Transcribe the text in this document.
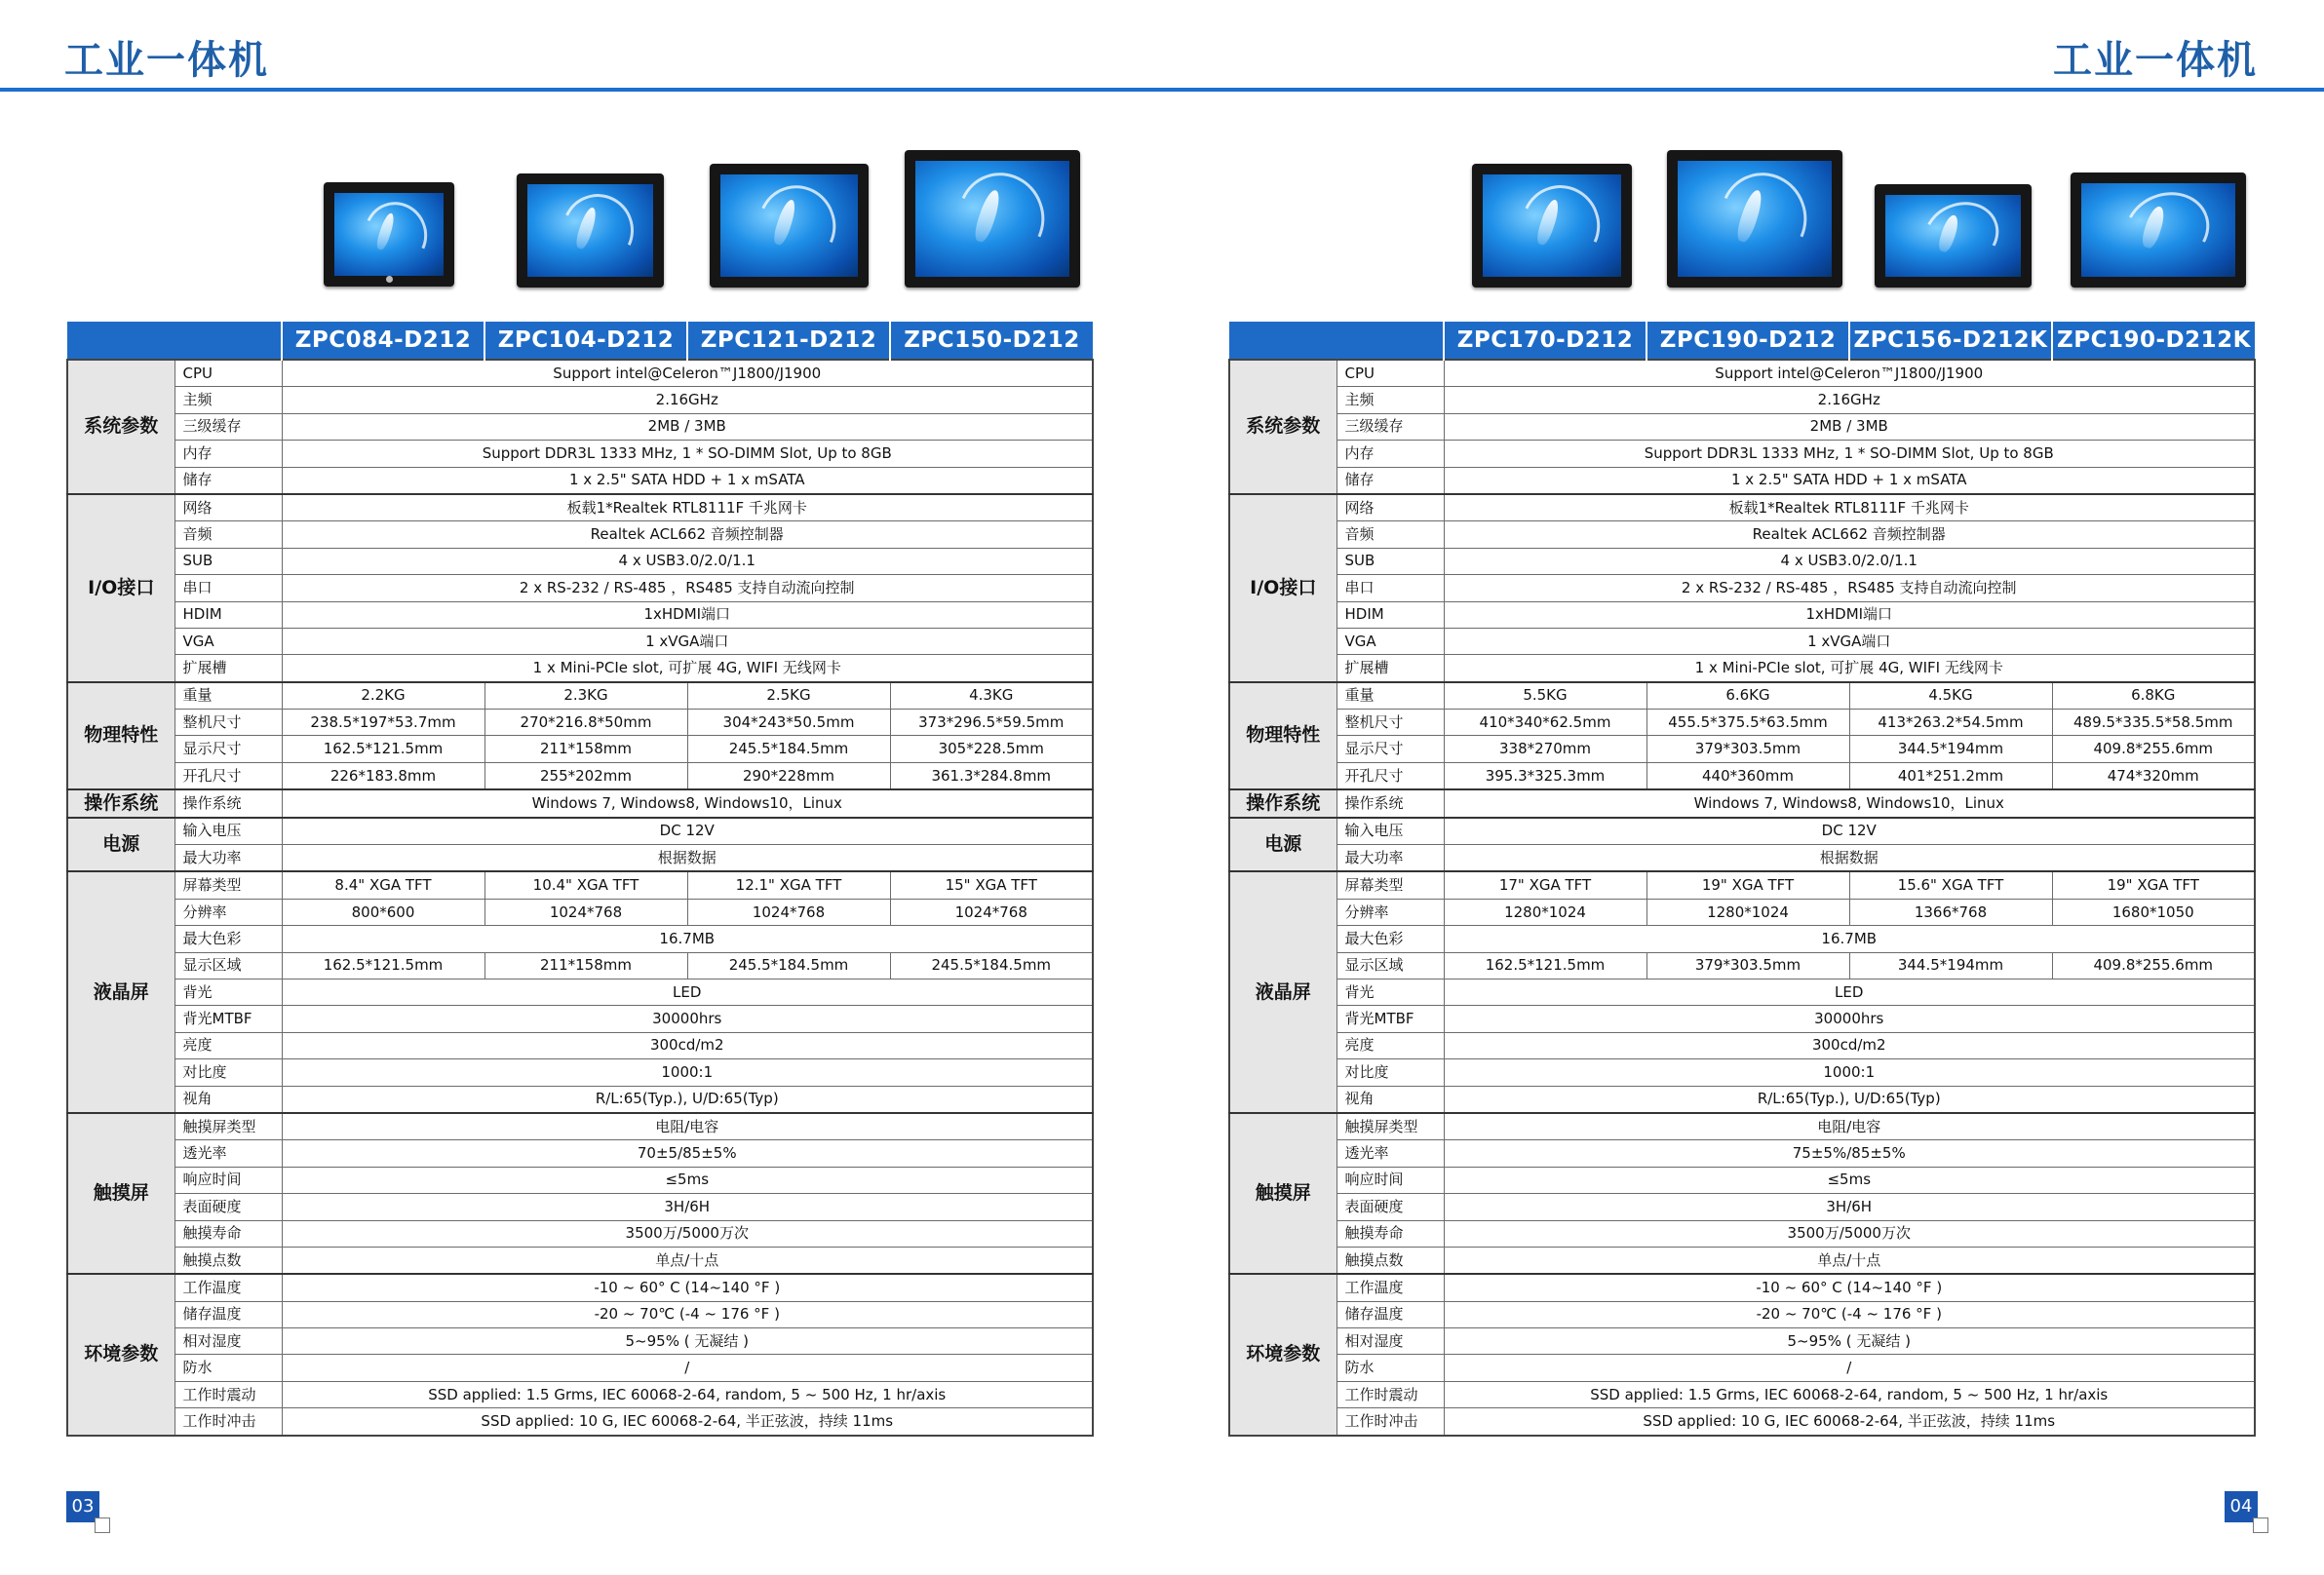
工业一体机	工业一体机
		ZPC084-D212	ZPC104-D212	ZPC121-D212	ZPC150-D212
系统参数	CPU	Support intel@Celeron™J1800/J1900			
	主频	2.16GHz			
	三级缓存	2MB / 3MB			
	内存	Support DDR3L 1333 MHz, 1 * SO-DIMM Slot, Up to 8GB			
	储存	1 x 2.5" SATA HDD + 1 x mSATA			
I/O接口	网络	板载1*Realtek RTL8111F 千兆网卡			
	音频	Realtek ACL662 音频控制器			
	SUB	4 x USB3.0/2.0/1.1			
	串口	2 x RS-232 / RS-485 ，RS485 支持自动流向控制			
	HDIM	1xHDMI端口			
	VGA	1 xVGA端口			
	扩展槽	1 x Mini-PCIe slot, 可扩展 4G, WIFI 无线网卡			
物理特性	重量	2.2KG	2.3KG	2.5KG	4.3KG
	整机尺寸	238.5*197*53.7mm	270*216.8*50mm	304*243*50.5mm	373*296.5*59.5mm
	显示尺寸	162.5*121.5mm	211*158mm	245.5*184.5mm	305*228.5mm
	开孔尺寸	226*183.8mm	255*202mm	290*228mm	361.3*284.8mm
操作系统	操作系统	Windows 7, Windows8, Windows10，Linux			
电源	输入电压	DC 12V			
	最大功率	根据数据			
液晶屏	屏幕类型	8.4" XGA TFT	10.4" XGA TFT	12.1" XGA TFT	15" XGA TFT
	分辨率	800*600	1024*768	1024*768	1024*768
	最大色彩	16.7MB			
	显示区域	162.5*121.5mm	211*158mm	245.5*184.5mm	245.5*184.5mm
	背光	LED			
	背光MTBF	30000hrs			
	亮度	300cd/m2			
	对比度	1000:1			
	视角	R/L:65(Typ.), U/D:65(Typ)			
触摸屏	触摸屏类型	电阻/电容			
	透光率	70±5/85±5%			
	响应时间	≤5ms			
	表面硬度	3H/6H			
	触摸寿命	3500万/5000万次			
	触摸点数	单点/十点			
环境参数	工作温度	-10 ~ 60° C (14~140 °F )			
	储存温度	-20 ~ 70℃ (-4 ~ 176 °F )			
	相对湿度	5~95% ( 无凝结 )			
	防水	/			
	工作时震动	SSD applied: 1.5 Grms, IEC 60068-2-64, random, 5 ~ 500 Hz, 1 hr/axis			
	工作时冲击	SSD applied: 10 G, IEC 60068-2-64, 半正弦波，持续 11ms			
03
		ZPC170-D212	ZPC190-D212	ZPC156-D212K	ZPC190-D212K
系统参数	CPU	Support intel@Celeron™J1800/J1900			
	主频	2.16GHz			
	三级缓存	2MB / 3MB			
	内存	Support DDR3L 1333 MHz, 1 * SO-DIMM Slot, Up to 8GB			
	储存	1 x 2.5" SATA HDD + 1 x mSATA			
I/O接口	网络	板载1*Realtek RTL8111F 千兆网卡			
	音频	Realtek ACL662 音频控制器			
	SUB	4 x USB3.0/2.0/1.1			
	串口	2 x RS-232 / RS-485 ，RS485 支持自动流向控制			
	HDIM	1xHDMI端口			
	VGA	1 xVGA端口			
	扩展槽	1 x Mini-PCIe slot, 可扩展 4G, WIFI 无线网卡			
物理特性	重量	5.5KG	6.6KG	4.5KG	6.8KG
	整机尺寸	410*340*62.5mm	455.5*375.5*63.5mm	413*263.2*54.5mm	489.5*335.5*58.5mm
	显示尺寸	338*270mm	379*303.5mm	344.5*194mm	409.8*255.6mm
	开孔尺寸	395.3*325.3mm	440*360mm	401*251.2mm	474*320mm
操作系统	操作系统	Windows 7, Windows8, Windows10，Linux			
电源	输入电压	DC 12V			
	最大功率	根据数据			
液晶屏	屏幕类型	17" XGA TFT	19" XGA TFT	15.6" XGA TFT	19" XGA TFT
	分辨率	1280*1024	1280*1024	1366*768	1680*1050
	最大色彩	16.7MB			
	显示区域	162.5*121.5mm	379*303.5mm	344.5*194mm	409.8*255.6mm
	背光	LED			
	背光MTBF	30000hrs			
	亮度	300cd/m2			
	对比度	1000:1			
	视角	R/L:65(Typ.), U/D:65(Typ)			
触摸屏	触摸屏类型	电阻/电容			
	透光率	75±5%/85±5%			
	响应时间	≤5ms			
	表面硬度	3H/6H			
	触摸寿命	3500万/5000万次			
	触摸点数	单点/十点			
环境参数	工作温度	-10 ~ 60° C (14~140 °F )			
	储存温度	-20 ~ 70℃ (-4 ~ 176 °F )			
	相对湿度	5~95% ( 无凝结 )			
	防水	/			
	工作时震动	SSD applied: 1.5 Grms, IEC 60068-2-64, random, 5 ~ 500 Hz, 1 hr/axis			
	工作时冲击	SSD applied: 10 G, IEC 60068-2-64, 半正弦波，持续 11ms			
04
